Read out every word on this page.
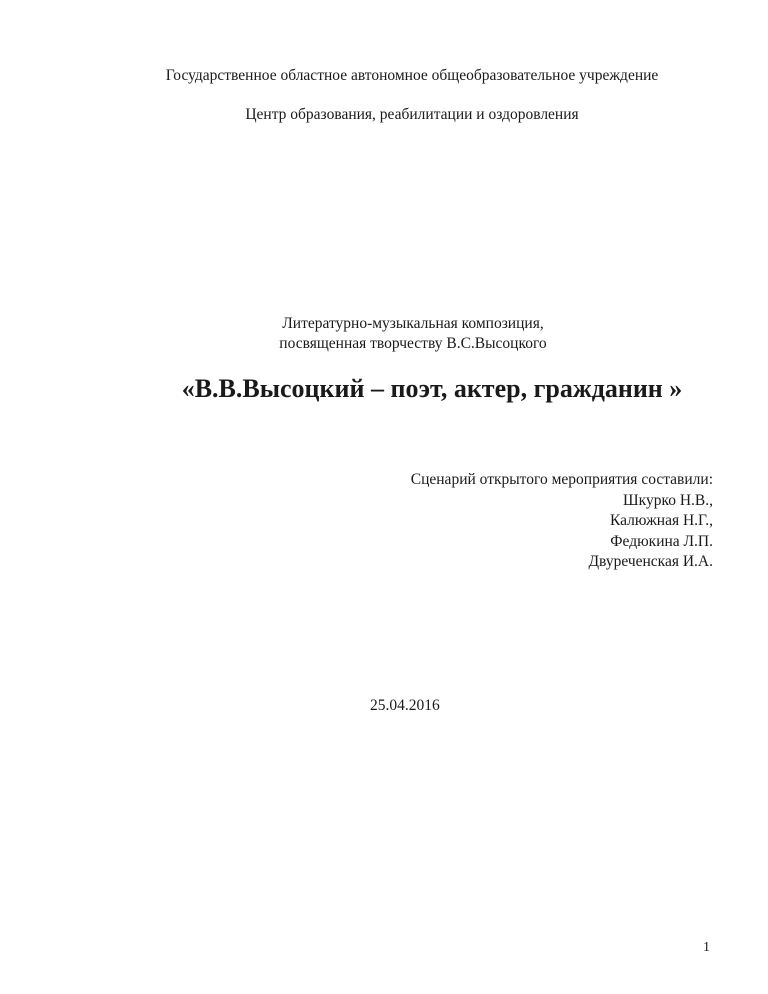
Государственное областное автономное общеобразовательное учреждение
Центр образования, реабилитации и оздоровления
Литературно-музыкальная композиция,
посвященная творчеству В.С.Высоцкого
«В.В.Высоцкий – поэт, актер, гражданин »
Сценарий открытого мероприятия составили:
Шкурко Н.В.,
Калюжная Н.Г.,
Федюкина Л.П.
Двуреченская И.А.
25.04.2016
1
